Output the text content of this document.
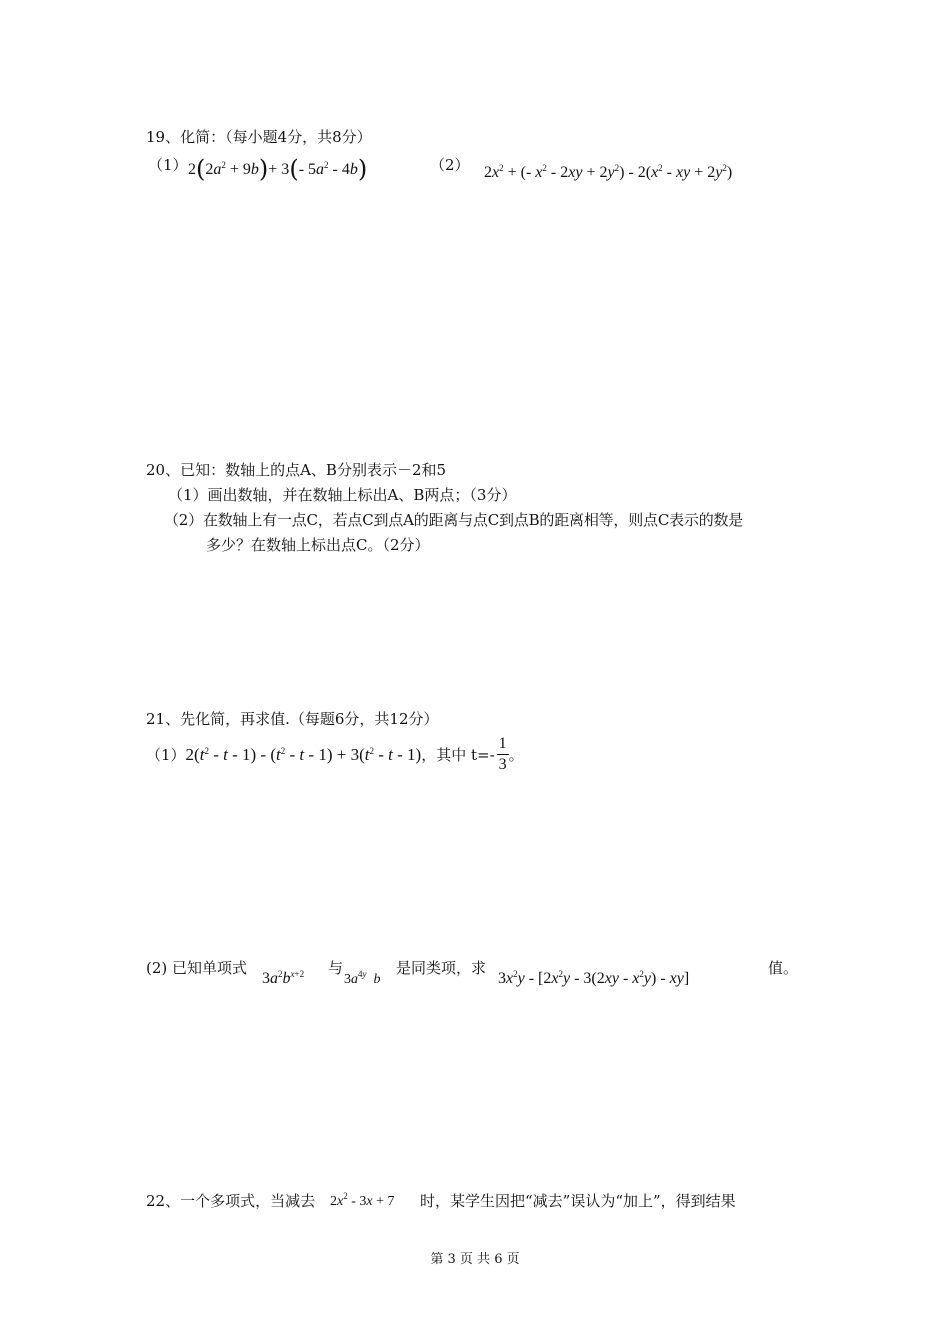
19、化简：（每小题4分，共8分）
（1） $2(2a^2 + 9b)+ 3(-$ $5a^2 - 4b$)	（2） $2x^2$ + (- $x^2 - 2xy + 2y^2) - 2(x^2$ - xy + $2y^2$)
20、已知：数轴上的点A、B分别表示－2和5
（1）画出数轴，并在数轴上标出A、B两点；（3分）
（2）在数轴上有一点C，若点C到点A的距离与点C到点B的距离相等，则点C表示的数是
多少？在数轴上标出点C。（2分）
21、先化简，再求值.（每题6分，共12分）
（1） $2(t^2 - t - 1) - (t^2 - t - 1) + 3(t^2 - t - 1)$ ，其中 $t=- \frac{1}{3}$ 。
(2) 已知单项式
$3a^2b^{x+2}$ 与
$3a^{4y}$ b
是同类项，求
$3x^2y - [2x^2y - 3(2xy - x^2y) - xy]$
值。
22、一个多项式，当减去 $2x^2 - 3x + 7$ 时，某学生因把“减去”误认为“加上”，得到结果
第 3 页 共 6 页
